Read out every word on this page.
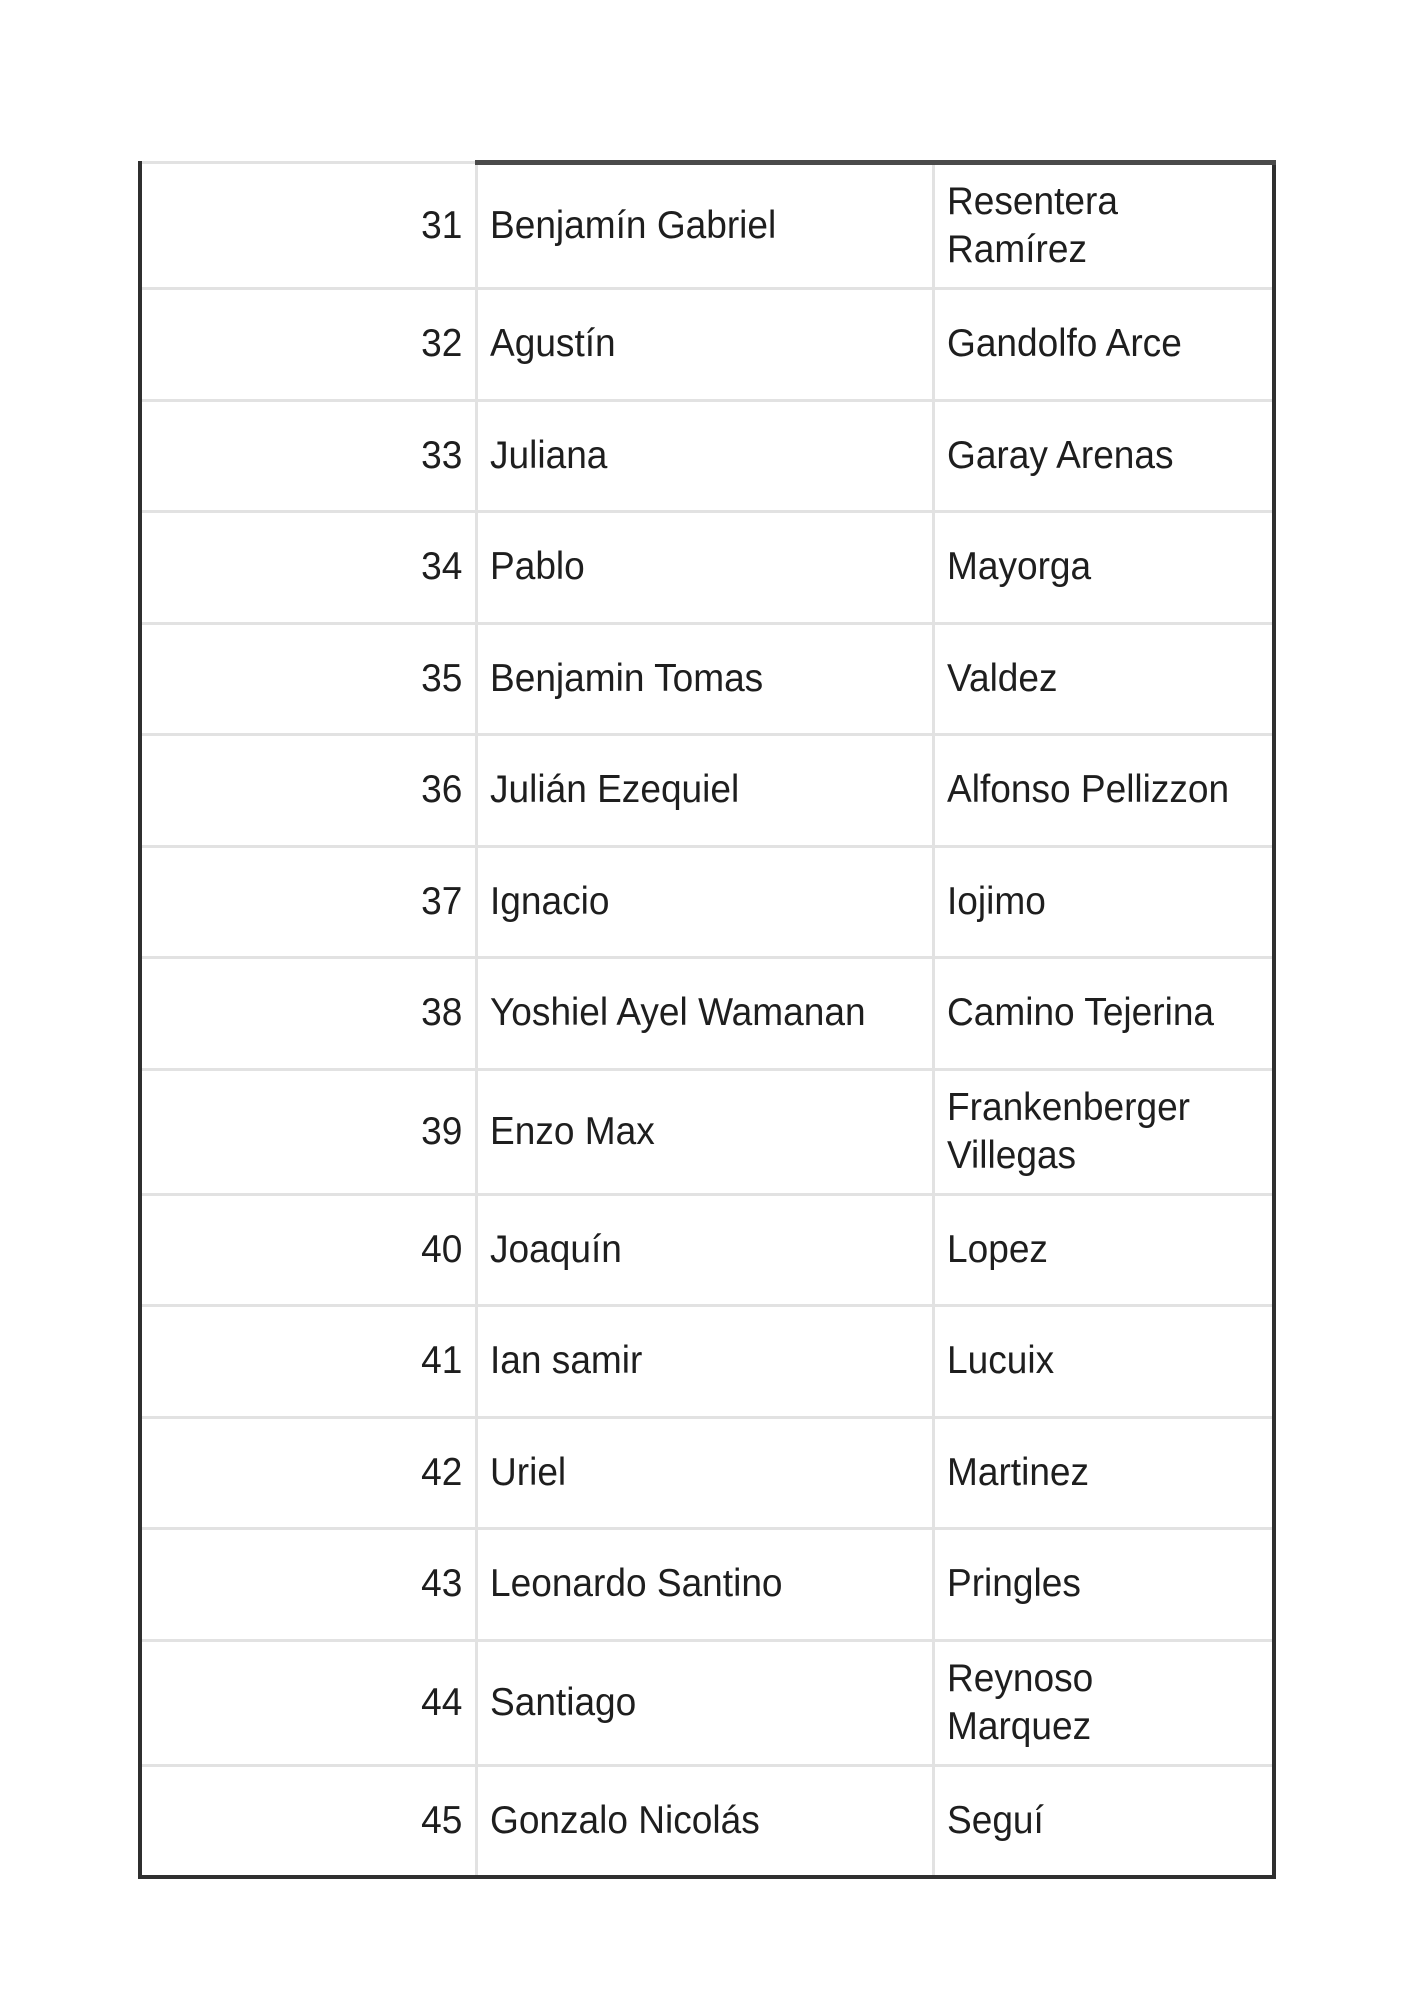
31	Benjamín Gabriel	Resentera Ramírez
32	Agustín	Gandolfo Arce
33	Juliana	Garay Arenas
34	Pablo	Mayorga
35	Benjamin Tomas	Valdez
36	Julián Ezequiel	Alfonso Pellizzon
37	Ignacio	Iojimo
38	Yoshiel Ayel Wamanan	Camino Tejerina
39	Enzo Max	Frankenberger Villegas
40	Joaquín	Lopez
41	Ian samir	Lucuix
42	Uriel	Martinez
43	Leonardo Santino	Pringles
44	Santiago	Reynoso Marquez
45	Gonzalo Nicolás	Seguí
